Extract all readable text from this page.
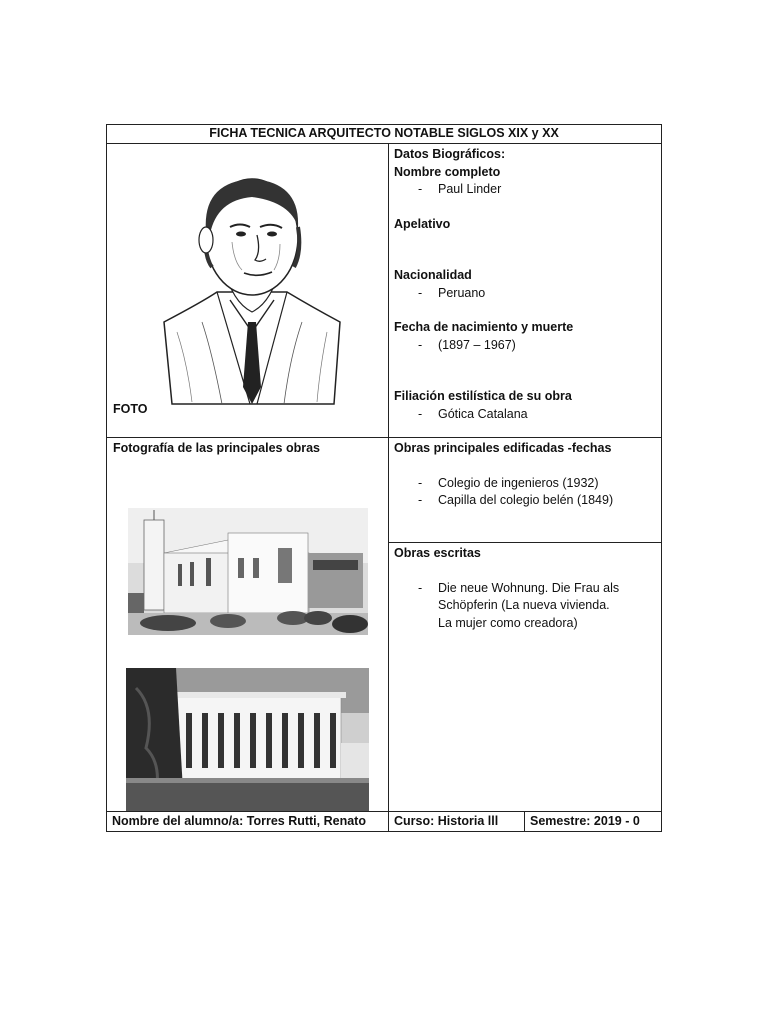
FICHA TECNICA ARQUITECTO NOTABLE SIGLOS XIX y XX
FOTO
Datos Biográficos:
Nombre completo
- Paul Linder
Apelativo
Nacionalidad
- Peruano
Fecha de nacimiento y muerte
- (1897 – 1967)
Filiación estilística de su obra
- Gótica Catalana
Fotografía de las principales obras	Obras principales edificadas -fechas
- Colegio de ingenieros (1932)
- Capilla del colegio belén (1849)
Obras escritas
- Die neue Wohnung. Die Frau als Schöpferin (La nueva vivienda. La mujer como creadora)
Nombre del alumno/a: Torres Rutti, Renato	Curso: Historia lll	Semestre: 2019 - 0
